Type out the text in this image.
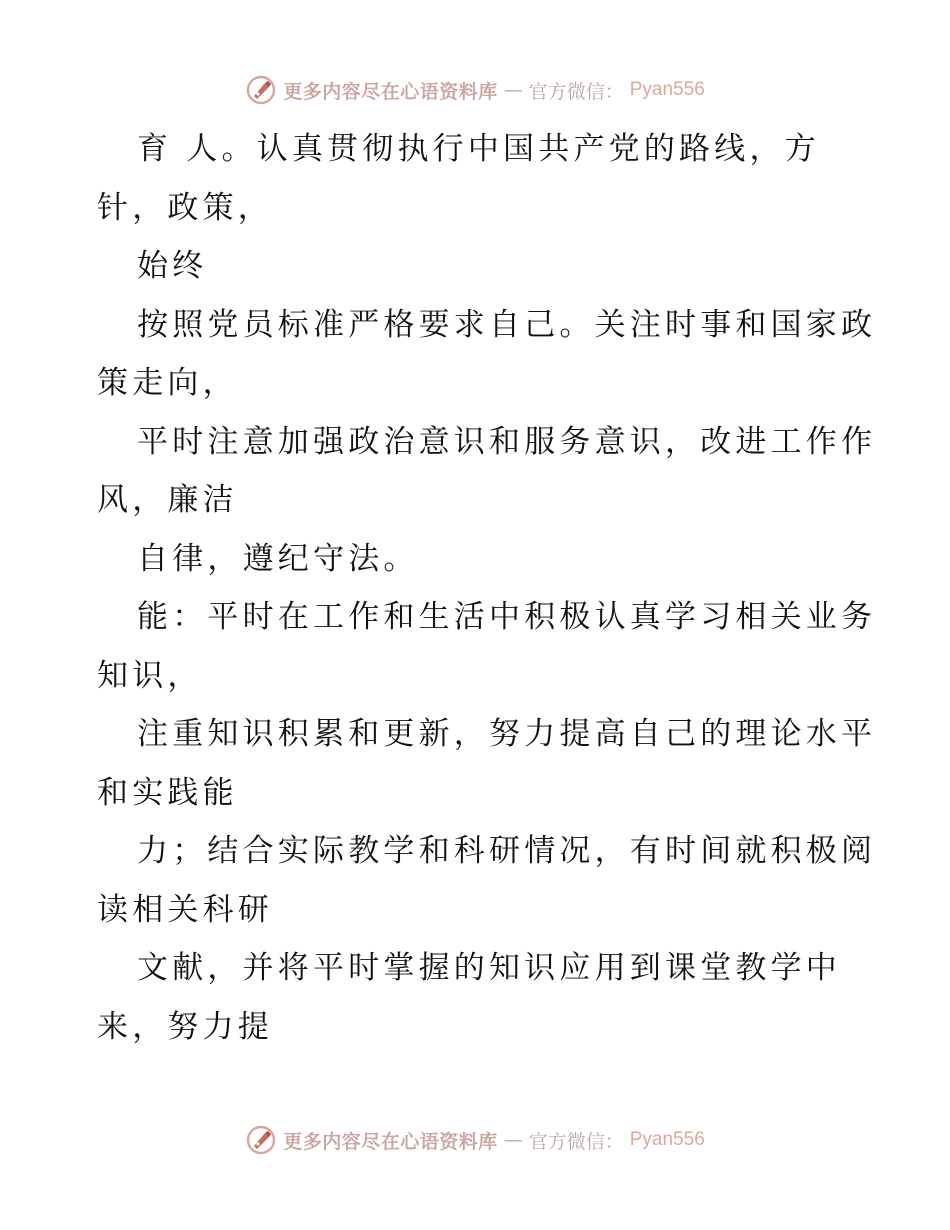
更多内容尽在心语资料库 — 官方微信： Pyan556
育 人。认真贯彻执行中国共产党的路线，方
针，政策，
始终
按照党员标准严格要求自己。关注时事和国家政
策走向，
平时注意加强政治意识和服务意识，改进工作作
风，廉洁
自律，遵纪守法。
能：平时在工作和生活中积极认真学习相关业务
知识，
注重知识积累和更新，努力提高自己的理论水平
和实践能
力；结合实际教学和科研情况，有时间就积极阅
读相关科研
文献，并将平时掌握的知识应用到课堂教学中
来，努力提
更多内容尽在心语资料库 — 官方微信： Pyan556
